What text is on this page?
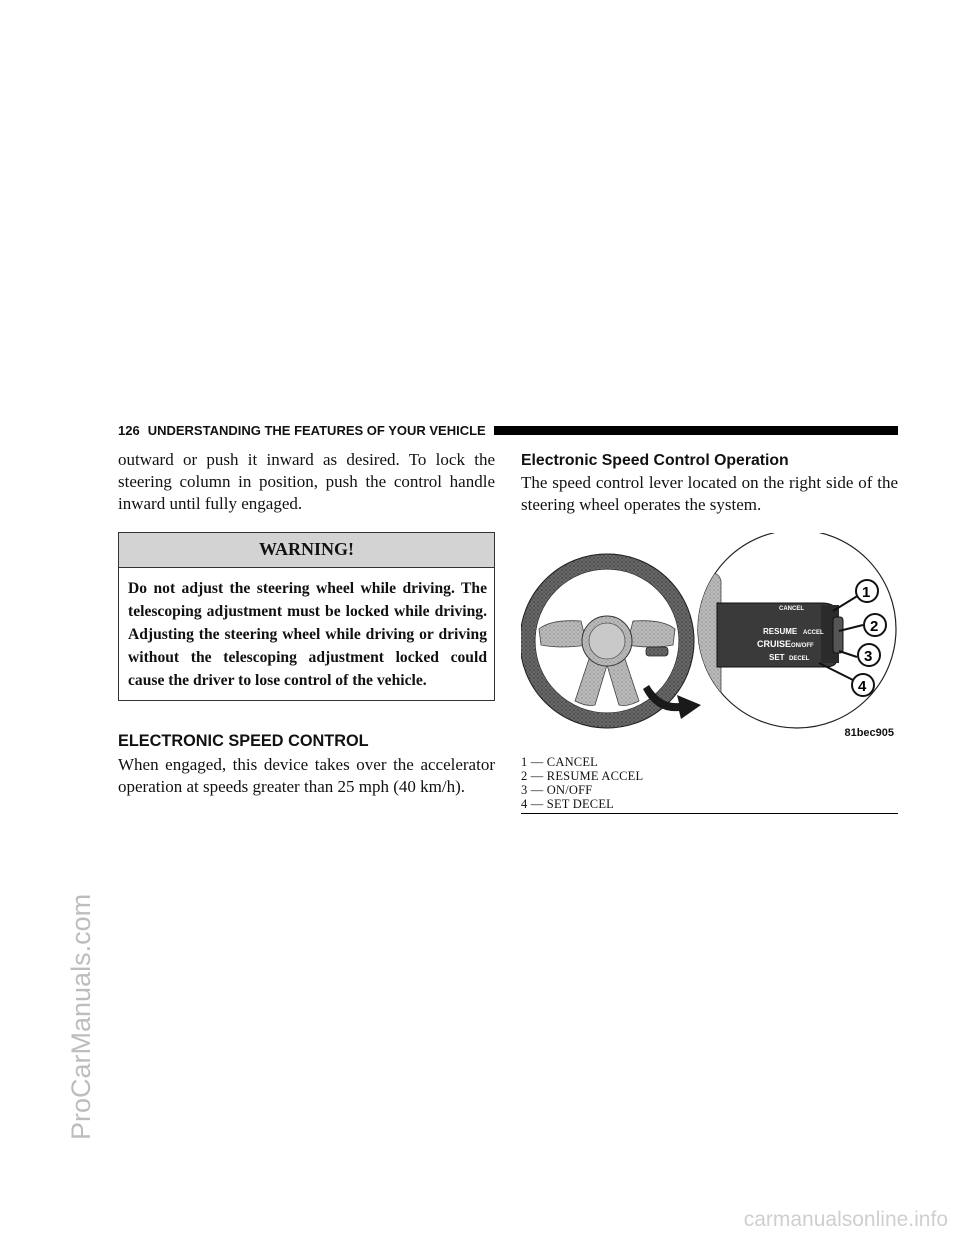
ProCarManuals.com
carmanualsonline.info
126 UNDERSTANDING THE FEATURES OF YOUR VEHICLE

outward or push it inward as desired. To lock the steering column in position, push the control handle inward until fully engaged.

WARNING!
Do not adjust the steering wheel while driving. The telescoping adjustment must be locked while driving. Adjusting the steering wheel while driving or driving without the telescoping adjustment locked could cause the driver to lose control of the vehicle.
ELECTRONIC SPEED CONTROL

When engaged, this device takes over the accelerator operation at speeds greater than 25 mph (40 km/h).

Electronic Speed Control Operation

The speed control lever located on the right side of the steering wheel operates the system.

CANCEL
RESUME ACCEL
CRUISE ON/OFF
SET DECEL
1
2
3
4
81bec905
1 — CANCEL
2 — RESUME ACCEL
3 — ON/OFF
4 — SET DECEL
